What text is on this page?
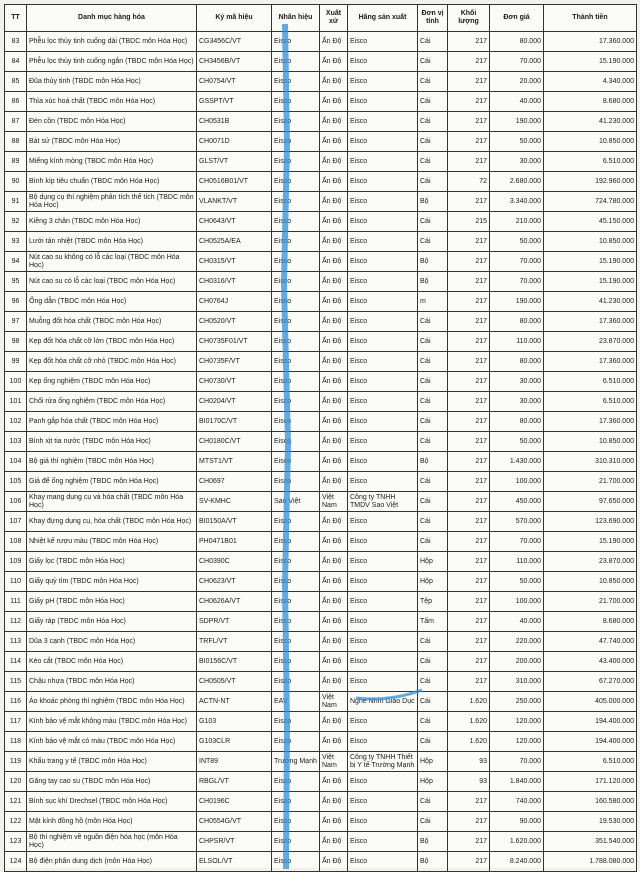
TT	Danh mục hàng hóa	Ký mã hiệu	Nhãn hiệu	Xuất xứ	Hãng sản xuất	Đơn vị tính	Khối lượng	Đơn giá	Thành tiền
83	Phễu lọc thủy tinh cuống dài (TBDC môn Hóa Học)	CG3456C/VT	Eisco	Ấn Độ	Eisco	Cái	217	80.000	17.360.000
84	Phễu lọc thủy tinh cuống ngắn (TBDC môn Hóa Học)	CH3456B/VT	Eisco	Ấn Độ	Eisco	Cái	217	70.000	15.190.000
85	Đũa thủy tinh (TBDC môn Hóa Học)	CH0754/VT	Eisco	Ấn Độ	Eisco	Cái	217	20.000	4.340.000
86	Thìa xúc hoá chất (TBDC môn Hóa Học)	GSSPT/VT	Eisco	Ấn Độ	Eisco	Cái	217	40.000	8.680.000
87	Đèn cồn (TBDC môn Hóa Học)	CH0531B	Eisco	Ấn Độ	Eisco	Cái	217	190.000	41.230.000
88	Bát sứ (TBDC môn Hóa Học)	CH0071D	Eisco	Ấn Độ	Eisco	Cái	217	50.000	10.850.000
89	Miếng kính mỏng (TBDC môn Hóa Học)	GLST/VT	Eisco	Ấn Độ	Eisco	Cái	217	30.000	6.510.000
90	Bình kíp tiêu chuẩn (TBDC môn Hóa Học)	CH0516B01/VT	Eisco	Ấn Độ	Eisco	Cái	72	2.680.000	192.960.000
91	Bộ dụng cụ thí nghiệm phân tích thể tích (TBDC môn Hóa Học)	VLANKT/VT	Eisco	Ấn Độ	Eisco	Bộ	217	3.340.000	724.780.000
92	Kiềng 3 chân (TBDC môn Hóa Học)	CH0643/VT	Eisco	Ấn Độ	Eisco	Cái	215	210.000	45.150.000
93	Lưới tản nhiệt (TBDC môn Hóa Học)	CH0525A/EA	Eisco	Ấn Độ	Eisco	Cái	217	50.000	10.850.000
94	Nút cao su không có lỗ các loại (TBDC môn Hóa Học)	CH0315/VT	Eisco	Ấn Độ	Eisco	Bộ	217	70.000	15.190.000
95	Nút cao su có lỗ các loại (TBDC môn Hóa Học)	CH0316/VT	Eisco	Ấn Độ	Eisco	Bộ	217	70.000	15.190.000
96	Ống dẫn (TBDC môn Hóa Học)	CH0764J	Eisco	Ấn Độ	Eisco	m	217	190.000	41.230.000
97	Muỗng đốt hóa chất (TBDC môn Hóa Học)	CH0520/VT	Eisco	Ấn Độ	Eisco	Cái	217	80.000	17.360.000
98	Kẹp đốt hóa chất cỡ lớn (TBDC môn Hóa Học)	CH0735F01/VT	Eisco	Ấn Độ	Eisco	Cái	217	110.000	23.870.000
99	Kẹp đốt hóa chất cỡ nhỏ (TBDC môn Hóa Học)	CH0735F/VT	Eisco	Ấn Độ	Eisco	Cái	217	80.000	17.360.000
100	Kẹp ống nghiệm (TBDC môn Hóa Học)	CH0730/VT	Eisco	Ấn Độ	Eisco	Cái	217	30.000	6.510.000
101	Chổi rửa ống nghiệm (TBDC môn Hóa Học)	CH0204/VT	Eisco	Ấn Độ	Eisco	Cái	217	30.000	6.510.000
102	Panh gắp hóa chất (TBDC môn Hóa Học)	BI0170C/VT	Eisco	Ấn Độ	Eisco	Cái	217	80.000	17.360.000
103	Bình xịt tia nước (TBDC môn Hóa Học)	CH0180C/VT	Eisco	Ấn Độ	Eisco	Cái	217	50.000	10.850.000
104	Bộ giá thí nghiệm (TBDC môn Hóa Học)	MTST1/VT	Eisco	Ấn Độ	Eisco	Bộ	217	1.430.000	310.310.000
105	Giá để ống nghiệm (TBDC môn Hóa Học)	CH0697	Eisco	Ấn Độ	Eisco	Cái	217	100.000	21.700.000
106	Khay mang dụng cụ và hóa chất (TBDC môn Hóa Học)	SV-KMHC	Sao Việt	Việt Nam	Công ty TNHH TMDV Sao Việt	Cái	217	450.000	97.650.000
107	Khay đựng dụng cụ, hóa chất (TBDC môn Hóa Học)	BI0150A/VT	Eisco	Ấn Độ	Eisco	Cái	217	570.000	123.690.000
108	Nhiệt kế rượu màu (TBDC môn Hóa Học)	PH0471B01	Eisco	Ấn Độ	Eisco	Cái	217	70.000	15.190.000
109	Giấy lọc (TBDC môn Hóa Học)	CH0390C	Eisco	Ấn Độ	Eisco	Hộp	217	110.000	23.870.000
110	Giấy quỳ tím (TBDC môn Hóa Học)	CH0623/VT	Eisco	Ấn Độ	Eisco	Hộp	217	50.000	10.850.000
111	Giấy pH (TBDC môn Hóa Học)	CH0626A/VT	Eisco	Ấn Độ	Eisco	Tệp	217	100.000	21.700.000
112	Giấy ráp (TBDC môn Hóa Học)	SDPR/VT	Eisco	Ấn Độ	Eisco	Tấm	217	40.000	8.680.000
113	Dũa 3 cạnh (TBDC môn Hóa Học)	TRFL/VT	Eisco	Ấn Độ	Eisco	Cái	217	220.000	47.740.000
114	Kéo cắt (TBDC môn Hóa Học)	BI0156C/VT	Eisco	Ấn Độ	Eisco	Cái	217	200.000	43.400.000
115	Chậu nhựa (TBDC môn Hóa Học)	CH0505/VT	Eisco	Ấn Độ	Eisco	Cái	217	310.000	67.270.000
116	Áo khoác phòng thí nghiệm (TBDC môn Hóa Học)	ACTN-NT	EAV	Việt Nam	Nghe Nhìn Giáo Dục	Cái	1.620	250.000	405.000.000
117	Kính bảo vệ mắt không màu (TBDC môn Hóa Học)	G103	Eisco	Ấn Độ	Eisco	Cái	1.620	120.000	194.400.000
118	Kính bảo vệ mắt có màu (TBDC môn Hóa Học)	G103CLR	Eisco	Ấn Độ	Eisco	Cái	1.620	120.000	194.400.000
119	Khẩu trang y tế (TBDC môn Hóa Học)	INT89	Trường Mạnh	Việt Nam	Công ty TNHH Thiết bị Y tế Trường Mạnh	Hộp	93	70.000	6.510.000
120	Găng tay cao su (TBDC môn Hóa Học)	RBGL/VT	Eisco	Ấn Độ	Eisco	Hộp	93	1.840.000	171.120.000
121	Bình sục khí Drechsel (TBDC môn Hóa Học)	CH0196C	Eisco	Ấn Độ	Eisco	Cái	217	740.000	160.580.000
122	Mặt kính đồng hồ (môn Hóa Học)	CH0554G/VT	Eisco	Ấn Độ	Eisco	Cái	217	90.000	19.530.000
123	Bộ thí nghiệm về nguồn điện hóa học (môn Hóa Học)	CHPSR/VT	Eisco	Ấn Độ	Eisco	Bộ	217	1.620.000	351.540.000
124	Bộ điện phân dung dịch (môn Hóa Học)	ELSOL/VT	Eisco	Ấn Độ	Eisco	Bộ	217	8.240.000	1.788.080.000
